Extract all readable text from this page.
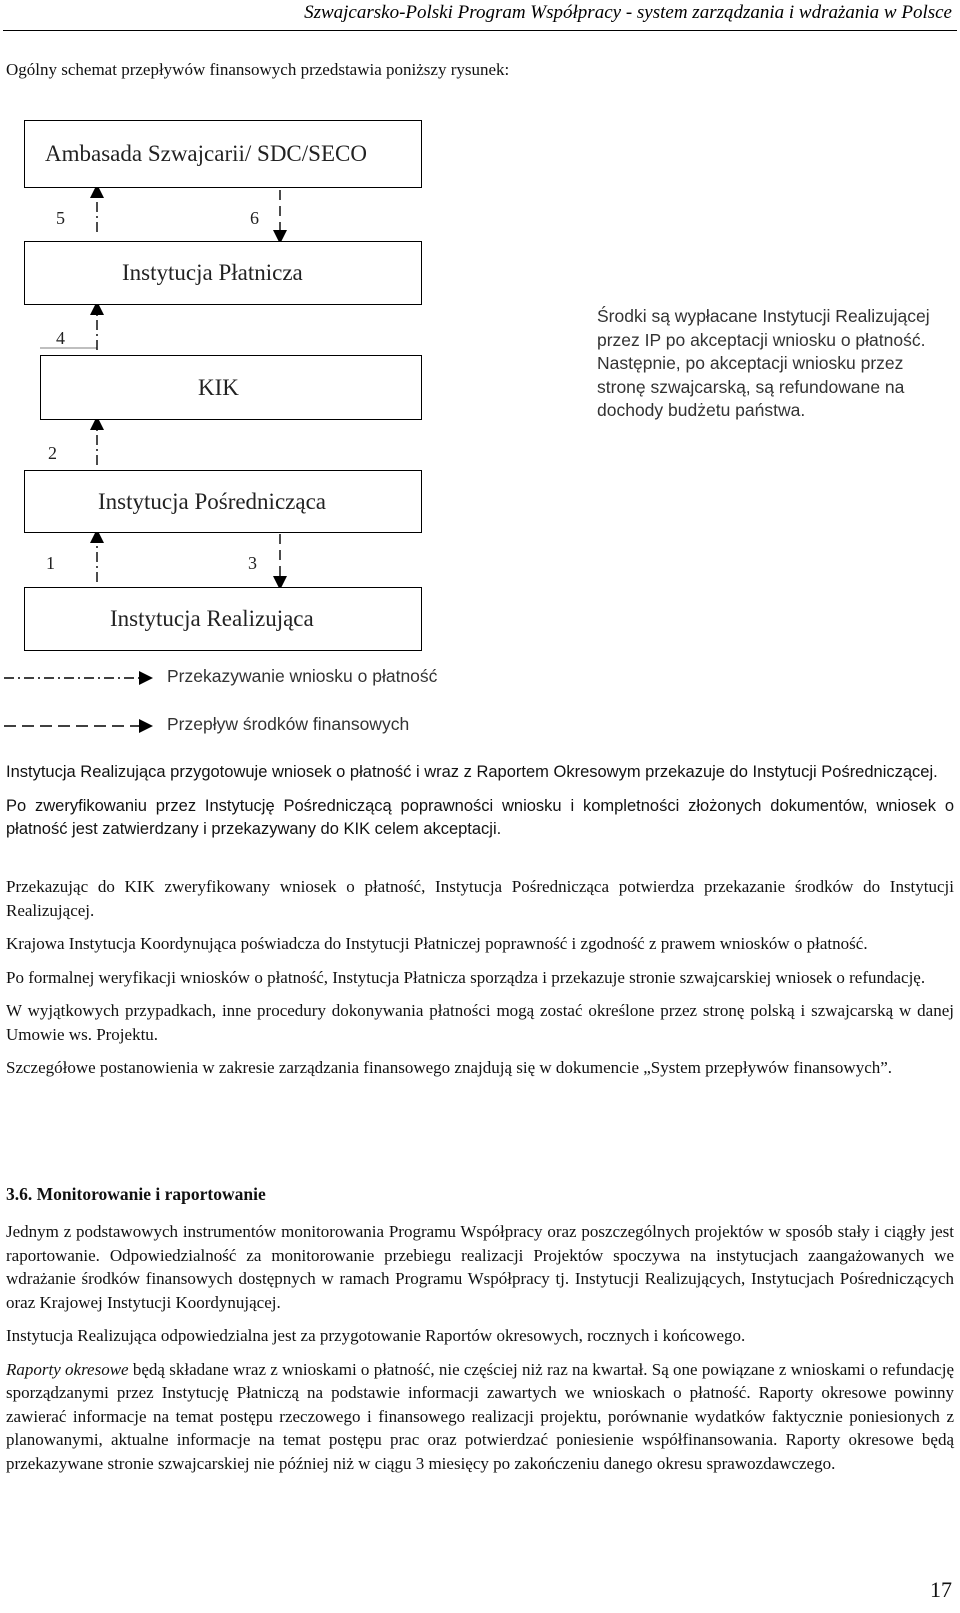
Szwajcarsko-Polski Program Współpracy - system zarządzania i wdrażania w Polsce
Ogólny schemat przepływów finansowych przedstawia poniższy rysunek:
Ambasada Szwajcarii/ SDC/SECO
Instytucja Płatnicza
KIK
Instytucja Pośrednicząca
Instytucja Realizująca
5	6
4
2
1	3
Środki są wypłacane Instytucji Realizującej przez IP po akceptacji wniosku o płatność. Następnie, po akceptacji wniosku przez stronę szwajcarską, są refundowane na dochody budżetu państwa.
Przekazywanie wniosku o płatność
Przepływ środków finansowych

Instytucja Realizująca przygotowuje wniosek o płatność i wraz z Raportem Okresowym przekazuje do Instytucji Pośredniczącej.

Po zweryfikowaniu przez Instytucję Pośredniczącą poprawności wniosku i kompletności złożonych dokumentów, wniosek o płatność jest zatwierdzany i przekazywany do KIK celem akceptacji.

Przekazując do KIK zweryfikowany wniosek o płatność, Instytucja Pośrednicząca potwierdza przekazanie środków do Instytucji Realizującej.

Krajowa Instytucja Koordynująca poświadcza do Instytucji Płatniczej poprawność i zgodność z prawem wniosków o płatność.

Po formalnej weryfikacji wniosków o płatność, Instytucja Płatnicza sporządza i przekazuje stronie szwajcarskiej wniosek o refundację.

W wyjątkowych przypadkach, inne procedury dokonywania płatności mogą zostać określone przez stronę polską i szwajcarską w danej Umowie ws. Projektu.

Szczegółowe postanowienia w zakresie zarządzania finansowego znajdują się w dokumencie „System przepływów finansowych”.

3.6. Monitorowanie i raportowanie

Jednym z podstawowych instrumentów monitorowania Programu Współpracy oraz poszczególnych projektów w sposób stały i ciągły jest raportowanie. Odpowiedzialność za monitorowanie przebiegu realizacji Projektów spoczywa na instytucjach zaangażowanych we wdrażanie środków finansowych dostępnych w ramach Programu Współpracy tj. Instytucji Realizujących, Instytucjach Pośredniczących oraz Krajowej Instytucji Koordynującej.

Instytucja Realizująca odpowiedzialna jest za przygotowanie Raportów okresowych, rocznych i końcowego.

Raporty okresowe będą składane wraz z wnioskami o płatność, nie częściej niż raz na kwartał. Są one powiązane z wnioskami o refundację sporządzanymi przez Instytucję Płatniczą na podstawie informacji zawartych we wnioskach o płatność. Raporty okresowe powinny zawierać informacje na temat postępu rzeczowego i finansowego realizacji projektu, porównanie wydatków faktycznie poniesionych z planowanymi, aktualne informacje na temat postępu prac oraz potwierdzać poniesienie współfinansowania. Raporty okresowe będą przekazywane stronie szwajcarskiej nie później niż w ciągu 3 miesięcy po zakończeniu danego okresu sprawozdawczego.

17
